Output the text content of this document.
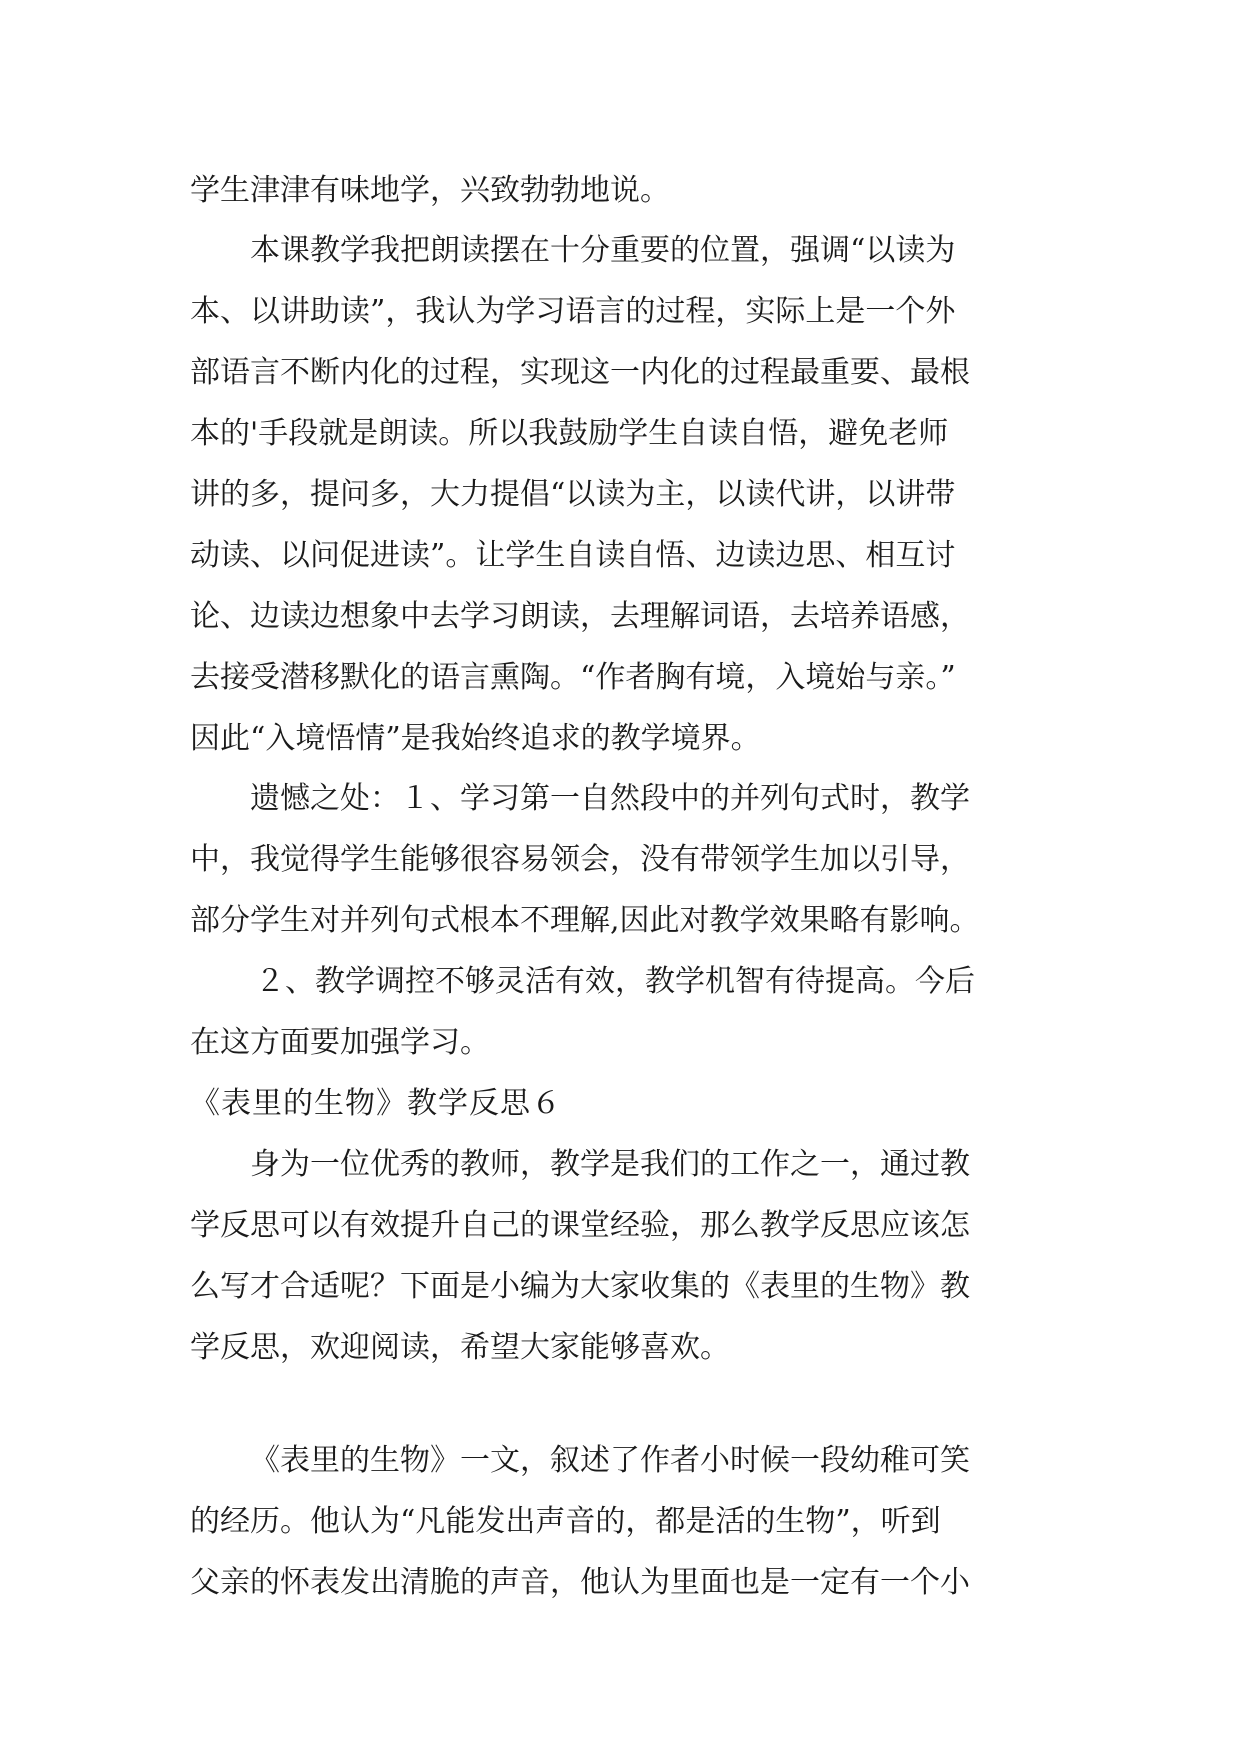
学生津津有味地学，兴致勃勃地说。
本课教学我把朗读摆在十分重要的位置，强调“以读为
本、以讲助读”，我认为学习语言的过程，实际上是一个外
部语言不断内化的过程，实现这一内化的过程最重要、最根
本的'手段就是朗读。所以我鼓励学生自读自悟，避免老师
讲的多，提问多，大力提倡“以读为主，以读代讲，以讲带
动读、以问促进读”。让学生自读自悟、边读边思、相互讨
论、边读边想象中去学习朗读，去理解词语，去培养语感，
去接受潜移默化的语言熏陶。“作者胸有境，入境始与亲。”
因此“入境悟情”是我始终追求的教学境界。
遗憾之处：１、学习第一自然段中的并列句式时，教学
中，我觉得学生能够很容易领会，没有带领学生加以引导，
部分学生对并列句式根本不理解,因此对教学效果略有影响。
２、教学调控不够灵活有效，教学机智有待提高。今后
在这方面要加强学习。
《表里的生物》教学反思６
身为一位优秀的教师，教学是我们的工作之一，通过教
学反思可以有效提升自己的课堂经验，那么教学反思应该怎
么写才合适呢？下面是小编为大家收集的《表里的生物》教
学反思，欢迎阅读，希望大家能够喜欢。
《表里的生物》一文，叙述了作者小时候一段幼稚可笑
的经历。他认为“凡能发出声音的，都是活的生物”，听到
父亲的怀表发出清脆的声音，他认为里面也是一定有一个小
